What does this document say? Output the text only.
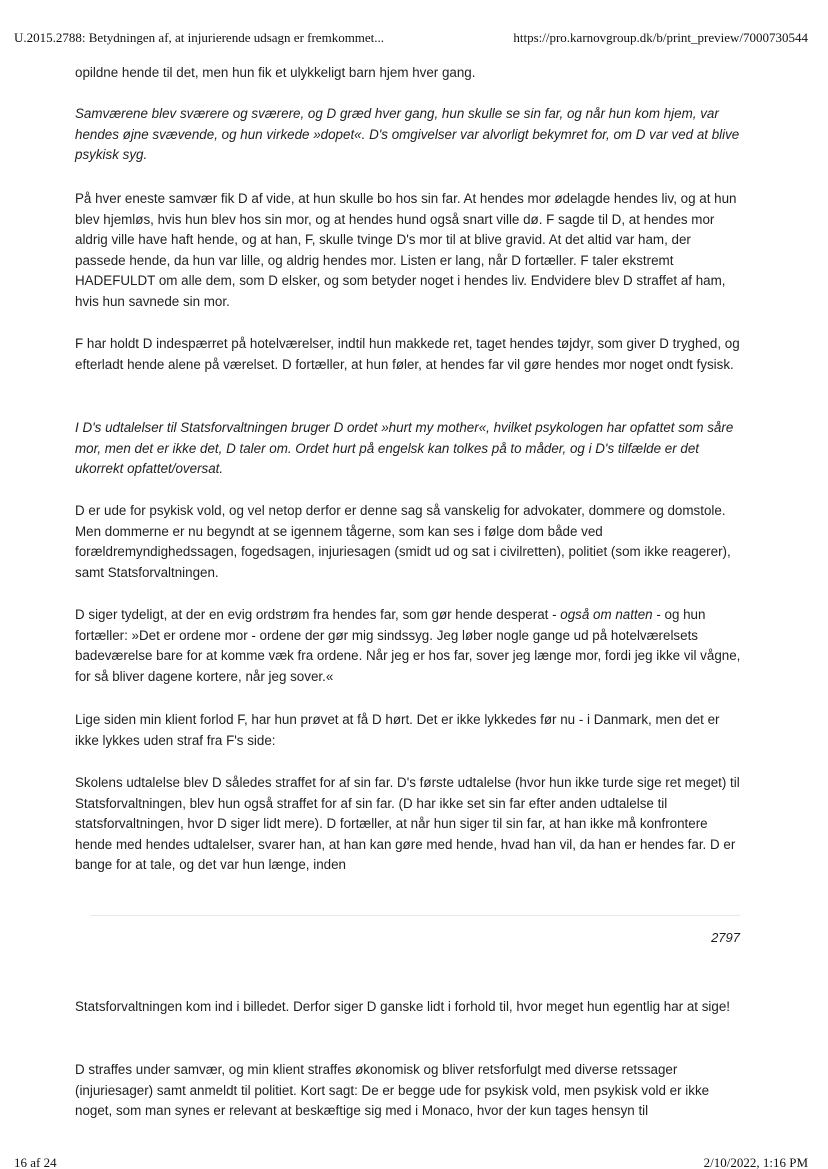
U.2015.2788: Betydningen af, at injurierende udsagn er fremkommet...	https://pro.karnovgroup.dk/b/print_preview/7000730544

opildne hende til det, men hun fik et ulykkeligt barn hjem hver gang.

Samværene blev sværere og sværere, og D græd hver gang, hun skulle se sin far, og når hun kom hjem, var hendes øjne svævende, og hun virkede »dopet«. D's omgivelser var alvorligt bekymret for, om D var ved at blive psykisk syg.

På hver eneste samvær fik D af vide, at hun skulle bo hos sin far. At hendes mor ødelagde hendes liv, og at hun blev hjemløs, hvis hun blev hos sin mor, og at hendes hund også snart ville dø. F sagde til D, at hendes mor aldrig ville have haft hende, og at han, F, skulle tvinge D's mor til at blive gravid. At det altid var ham, der passede hende, da hun var lille, og aldrig hendes mor. Listen er lang, når D fortæller. F taler ekstremt HADEFULDT om alle dem, som D elsker, og som betyder noget i hendes liv. Endvidere blev D straffet af ham, hvis hun savnede sin mor.

F har holdt D indespærret på hotelværelser, indtil hun makkede ret, taget hendes tøjdyr, som giver D tryghed, og efterladt hende alene på værelset. D fortæller, at hun føler, at hendes far vil gøre hendes mor noget ondt fysisk.

I D's udtalelser til Statsforvaltningen bruger D ordet »hurt my mother«, hvilket psykologen har opfattet som såre mor, men det er ikke det, D taler om. Ordet hurt på engelsk kan tolkes på to måder, og i D's tilfælde er det ukorrekt opfattet/oversat.

D er ude for psykisk vold, og vel netop derfor er denne sag så vanskelig for advokater, dommere og domstole. Men dommerne er nu begyndt at se igennem tågerne, som kan ses i følge dom både ved forældremyndighedssagen, fogedsagen, injuriesagen (smidt ud og sat i civilretten), politiet (som ikke reagerer), samt Statsforvaltningen.

D siger tydeligt, at der en evig ordstrøm fra hendes far, som gør hende desperat - også om natten - og hun fortæller: »Det er ordene mor - ordene der gør mig sindssyg. Jeg løber nogle gange ud på hotelværelsets badeværelse bare for at komme væk fra ordene. Når jeg er hos far, sover jeg længe mor, fordi jeg ikke vil vågne, for så bliver dagene kortere, når jeg sover.«

Lige siden min klient forlod F, har hun prøvet at få D hørt. Det er ikke lykkedes før nu - i Danmark, men det er ikke lykkes uden straf fra F's side:

Skolens udtalelse blev D således straffet for af sin far. D's første udtalelse (hvor hun ikke turde sige ret meget) til Statsforvaltningen, blev hun også straffet for af sin far. (D har ikke set sin far efter anden udtalelse til statsforvaltningen, hvor D siger lidt mere). D fortæller, at når hun siger til sin far, at han ikke må konfrontere hende med hendes udtalelser, svarer han, at han kan gøre med hende, hvad han vil, da han er hendes far. D er bange for at tale, og det var hun længe, inden

2797

Statsforvaltningen kom ind i billedet. Derfor siger D ganske lidt i forhold til, hvor meget hun egentlig har at sige!

D straffes under samvær, og min klient straffes økonomisk og bliver retsforfulgt med diverse retssager (injuriesager) samt anmeldt til politiet. Kort sagt: De er begge ude for psykisk vold, men psykisk vold er ikke noget, som man synes er relevant at beskæftige sig med i Monaco, hvor der kun tages hensyn til

16 af 24	2/10/2022, 1:16 PM
